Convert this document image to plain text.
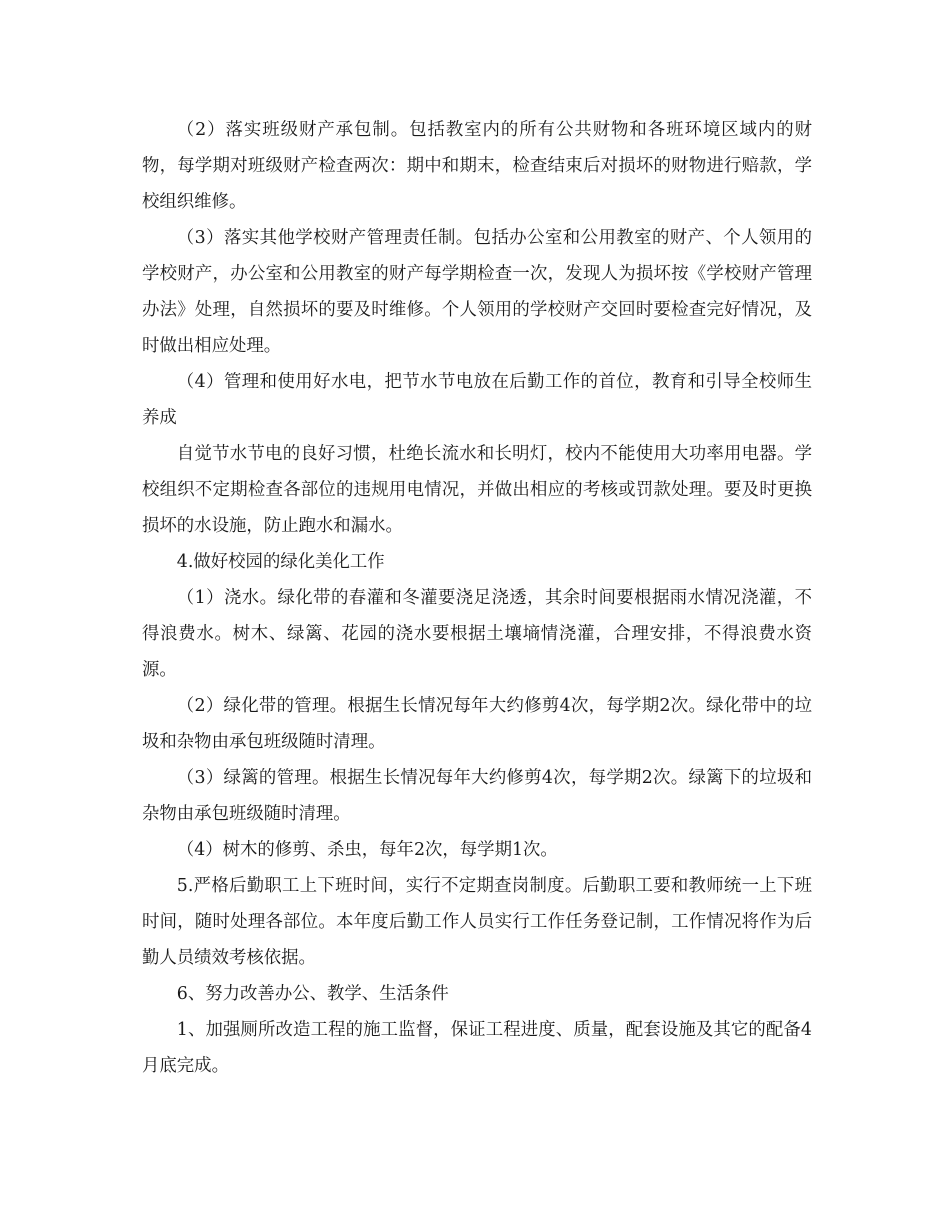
（2）落实班级财产承包制。包括教室内的所有公共财物和各班环境区域内的财物，每学期对班级财产检查两次：期中和期末，检查结束后对损坏的财物进行赔款，学校组织维修。

（3）落实其他学校财产管理责任制。包括办公室和公用教室的财产、个人领用的学校财产，办公室和公用教室的财产每学期检查一次，发现人为损坏按《学校财产管理办法》处理，自然损坏的要及时维修。个人领用的学校财产交回时要检查完好情况，及时做出相应处理。

（4）管理和使用好水电，把节水节电放在后勤工作的首位，教育和引导全校师生养成

自觉节水节电的良好习惯，杜绝长流水和长明灯，校内不能使用大功率用电器。学校组织不定期检查各部位的违规用电情况，并做出相应的考核或罚款处理。要及时更换损坏的水设施，防止跑水和漏水。

4.做好校园的绿化美化工作

（1）浇水。绿化带的春灌和冬灌要浇足浇透，其余时间要根据雨水情况浇灌，不得浪费水。树木、绿篱、花园的浇水要根据土壤墒情浇灌，合理安排，不得浪费水资源。

（2）绿化带的管理。根据生长情况每年大约修剪4次，每学期2次。绿化带中的垃圾和杂物由承包班级随时清理。

（3）绿篱的管理。根据生长情况每年大约修剪4次，每学期2次。绿篱下的垃圾和杂物由承包班级随时清理。

（4）树木的修剪、杀虫，每年2次，每学期1次。

5.严格后勤职工上下班时间，实行不定期查岗制度。后勤职工要和教师统一上下班时间，随时处理各部位。本年度后勤工作人员实行工作任务登记制，工作情况将作为后勤人员绩效考核依据。

6、努力改善办公、教学、生活条件

1、加强厕所改造工程的施工监督，保证工程进度、质量，配套设施及其它的配备4月底完成。
